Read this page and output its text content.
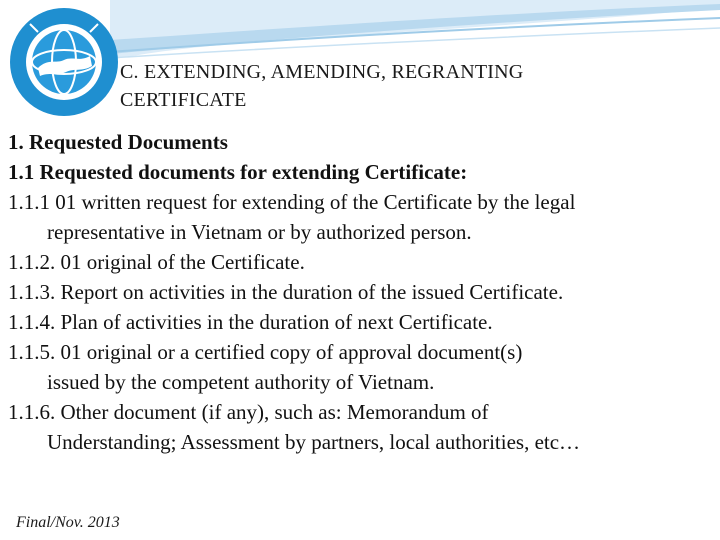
C. EXTENDING, AMENDING, REGRANTING
CERTIFICATE

1. Requested Documents

1.1 Requested documents for extending Certificate:

1.1.1 01 written request for extending of the Certificate by the legal

representative in Vietnam or by authorized person.

1.1.2. 01 original of the Certificate.

1.1.3. Report on activities in the duration of the issued Certificate.

1.1.4. Plan of activities in the duration of next Certificate.

1.1.5. 01 original or a certified copy of approval document(s)

issued by the competent authority of Vietnam.

1.1.6. Other document (if any), such as: Memorandum of

Understanding; Assessment by partners, local authorities, etc…

Final/Nov. 2013
